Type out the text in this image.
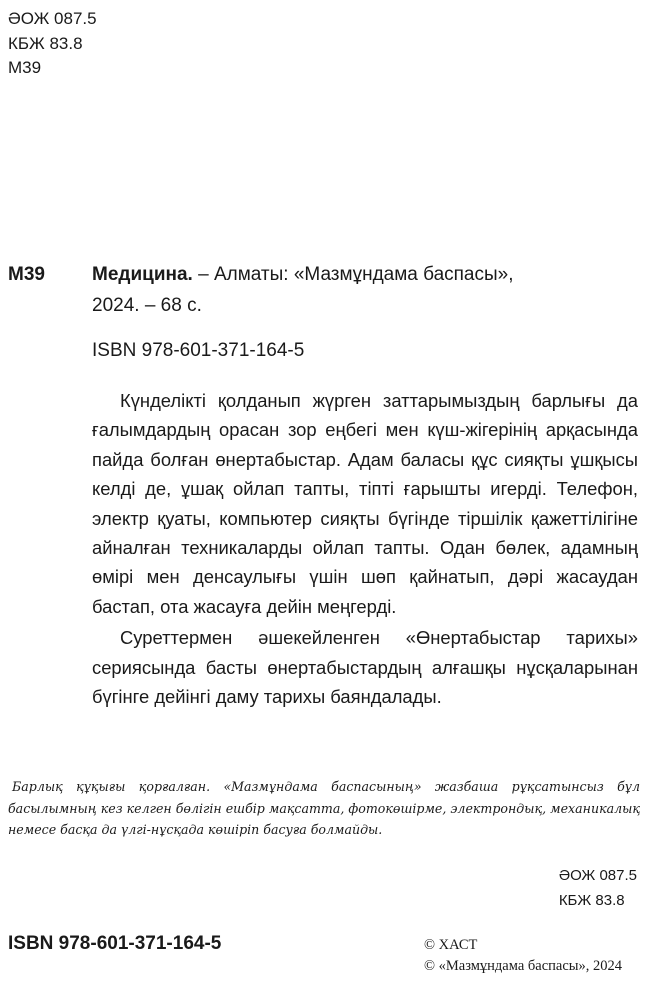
ӘОЖ 087.5
КБЖ 83.8
М39
М39 Медицина. – Алматы: «Мазмұндама баспасы»,
2024. – 68 с.
ISBN 978-601-371-164-5

Күнделікті қолданып жүрген заттарымыздың барлығы да ғалымдардың орасан зор еңбегі мен күш-жігерінің арқасында пайда болған өнертабыстар. Адам баласы құс сияқты ұшқысы келді де, ұшақ ойлап тапты, тіпті ғарышты игерді. Телефон, электр қуаты, компьютер сияқты бүгінде тіршілік қажеттілігіне айналған техникаларды ойлап тапты. Одан бөлек, адамның өмірі мен денсаулығы үшін шөп қайнатып, дәрі жасаудан бастап, ота жасауға дейін меңгерді.

Суреттермен әшекейленген «Өнертабыстар тарихы» сериясында басты өнертабыстардың алғашқы нұсқаларынан бүгінге дейінгі даму тарихы баяндалады.

Барлық құқығы қорғалған. «Мазмұндама баспасының» жазбаша рұқсатынсыз бұл басылымның кез келген бөлігін ешбір мақсатта, фотокөшірме, электрондық, механикалық немесе басқа да үлгі-нұсқада көшіріп басуға болмайды.

ӘОЖ 087.5
КБЖ 83.8
ISBN 978-601-371-164-5	© ХАСТ
© «Мазмұндама баспасы», 2024
